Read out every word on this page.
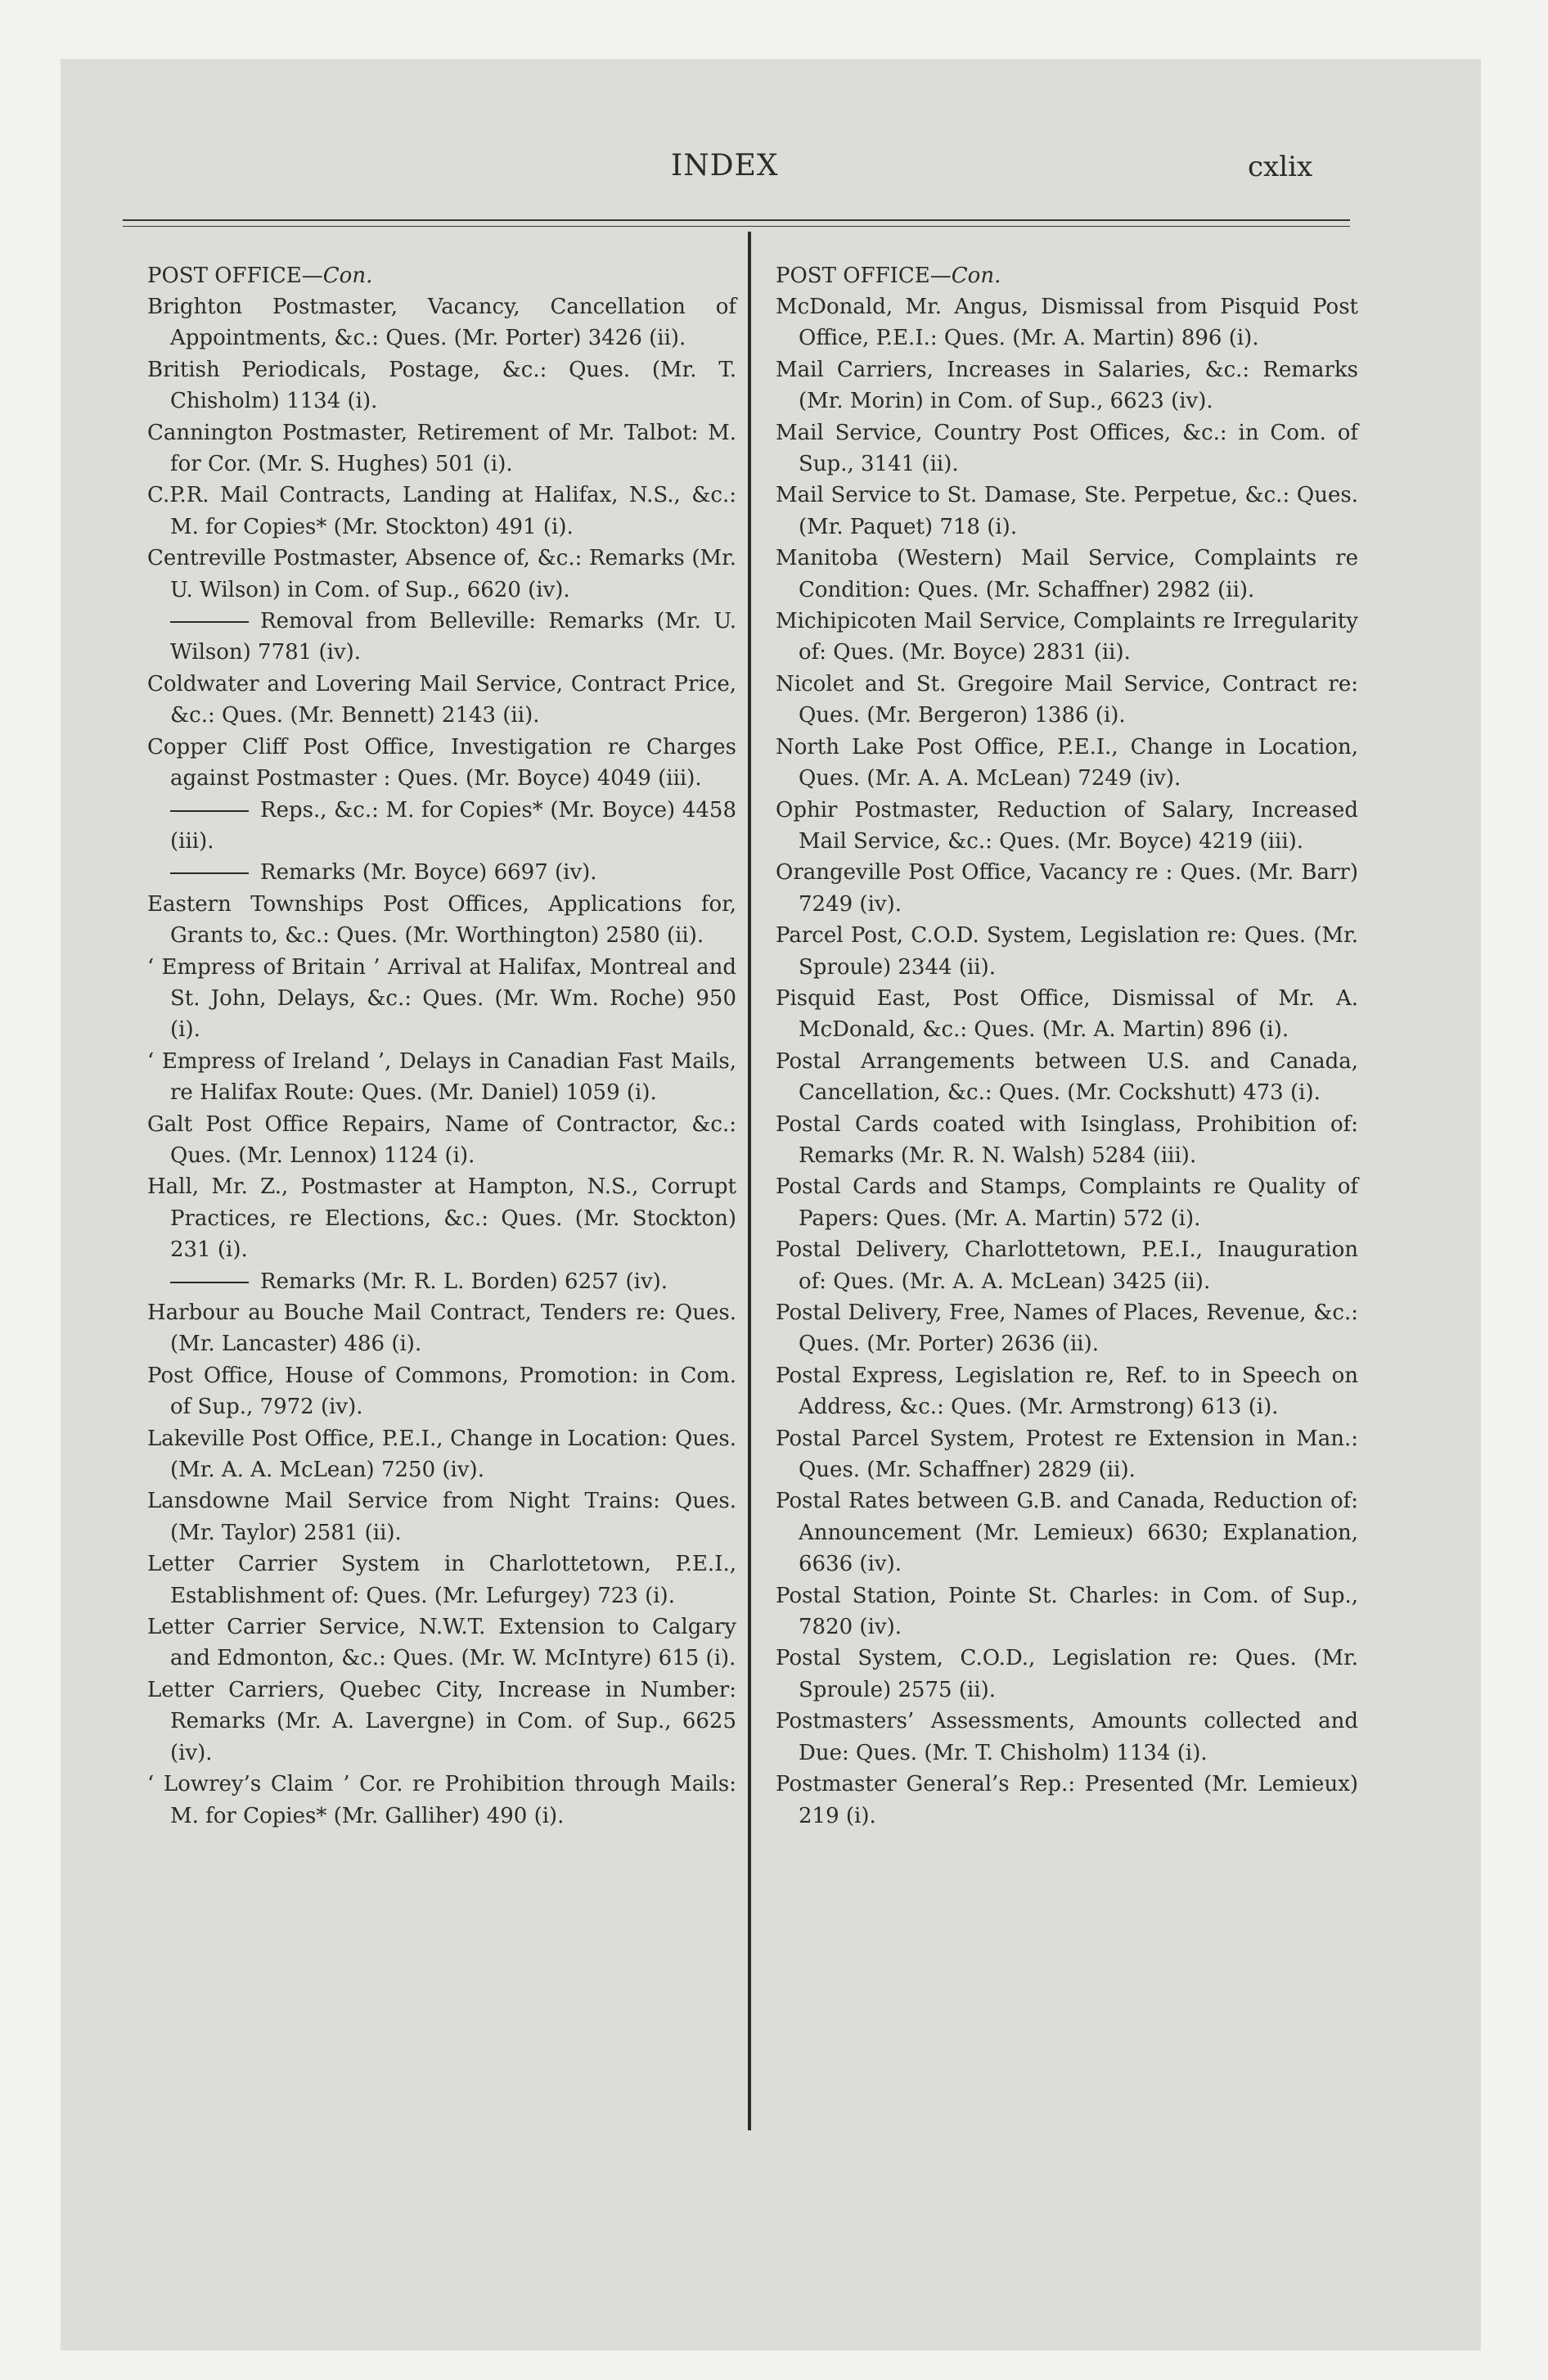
INDEX	cxlix
POST OFFICE—Con.
Brighton Postmaster, Vacancy, Cancellation of Appointments, &c.: Ques. (Mr. Porter) 3426 (ii).
British Periodicals, Postage, &c.: Ques. (Mr. T. Chisholm) 1134 (i).
Cannington Postmaster, Retirement of Mr. Talbot: M. for Cor. (Mr. S. Hughes) 501 (i).
C.P.R. Mail Contracts, Landing at Halifax, N.S., &c.: M. for Copies* (Mr. Stockton) 491 (i).
Centreville Postmaster, Absence of, &c.: Remarks (Mr. U. Wilson) in Com. of Sup., 6620 (iv).
Removal from Belleville: Remarks (Mr. U. Wilson) 7781 (iv).
Coldwater and Lovering Mail Service, Contract Price, &c.: Ques. (Mr. Bennett) 2143 (ii).
Copper Cliff Post Office, Investigation re Charges against Postmaster : Ques. (Mr. Boyce) 4049 (iii).
Reps., &c.: M. for Copies* (Mr. Boyce) 4458 (iii).
Remarks (Mr. Boyce) 6697 (iv).
Eastern Townships Post Offices, Applications for, Grants to, &c.: Ques. (Mr. Worthington) 2580 (ii).
‘ Empress of Britain ’ Arrival at Halifax, Montreal and St. John, Delays, &c.: Ques. (Mr. Wm. Roche) 950 (i).
‘ Empress of Ireland ’, Delays in Canadian Fast Mails, re Halifax Route: Ques. (Mr. Daniel) 1059 (i).
Galt Post Office Repairs, Name of Contractor, &c.: Ques. (Mr. Lennox) 1124 (i).
Hall, Mr. Z., Postmaster at Hampton, N.S., Corrupt Practices, re Elections, &c.: Ques. (Mr. Stockton) 231 (i).
Remarks (Mr. R. L. Borden) 6257 (iv).
Harbour au Bouche Mail Contract, Tenders re: Ques. (Mr. Lancaster) 486 (i).
Post Office, House of Commons, Promotion: in Com. of Sup., 7972 (iv).
Lakeville Post Office, P.E.I., Change in Location: Ques. (Mr. A. A. McLean) 7250 (iv).
Lansdowne Mail Service from Night Trains: Ques. (Mr. Taylor) 2581 (ii).
Letter Carrier System in Charlottetown, P.E.I., Establishment of: Ques. (Mr. Lefurgey) 723 (i).
Letter Carrier Service, N.W.T. Extension to Calgary and Edmonton, &c.: Ques. (Mr. W. McIntyre) 615 (i).
Letter Carriers, Quebec City, Increase in Number: Remarks (Mr. A. Lavergne) in Com. of Sup., 6625 (iv).
‘ Lowrey’s Claim ’ Cor. re Prohibition through Mails: M. for Copies* (Mr. Galliher) 490 (i).
POST OFFICE—Con.
McDonald, Mr. Angus, Dismissal from Pisquid Post Office, P.E.I.: Ques. (Mr. A. Martin) 896 (i).
Mail Carriers, Increases in Salaries, &c.: Remarks (Mr. Morin) in Com. of Sup., 6623 (iv).
Mail Service, Country Post Offices, &c.: in Com. of Sup., 3141 (ii).
Mail Service to St. Damase, Ste. Perpetue, &c.: Ques. (Mr. Paquet) 718 (i).
Manitoba (Western) Mail Service, Complaints re Condition: Ques. (Mr. Schaffner) 2982 (ii).
Michipicoten Mail Service, Complaints re Irregularity of: Ques. (Mr. Boyce) 2831 (ii).
Nicolet and St. Gregoire Mail Service, Contract re: Ques. (Mr. Bergeron) 1386 (i).
North Lake Post Office, P.E.I., Change in Location, Ques. (Mr. A. A. McLean) 7249 (iv).
Ophir Postmaster, Reduction of Salary, Increased Mail Service, &c.: Ques. (Mr. Boyce) 4219 (iii).
Orangeville Post Office, Vacancy re : Ques. (Mr. Barr) 7249 (iv).
Parcel Post, C.O.D. System, Legislation re: Ques. (Mr. Sproule) 2344 (ii).
Pisquid East, Post Office, Dismissal of Mr. A. McDonald, &c.: Ques. (Mr. A. Martin) 896 (i).
Postal Arrangements between U.S. and Canada, Cancellation, &c.: Ques. (Mr. Cockshutt) 473 (i).
Postal Cards coated with Isinglass, Prohibition of: Remarks (Mr. R. N. Walsh) 5284 (iii).
Postal Cards and Stamps, Complaints re Quality of Papers: Ques. (Mr. A. Martin) 572 (i).
Postal Delivery, Charlottetown, P.E.I., Inauguration of: Ques. (Mr. A. A. McLean) 3425 (ii).
Postal Delivery, Free, Names of Places, Revenue, &c.: Ques. (Mr. Porter) 2636 (ii).
Postal Express, Legislation re, Ref. to in Speech on Address, &c.: Ques. (Mr. Armstrong) 613 (i).
Postal Parcel System, Protest re Extension in Man.: Ques. (Mr. Schaffner) 2829 (ii).
Postal Rates between G.B. and Canada, Reduction of: Announcement (Mr. Lemieux) 6630; Explanation, 6636 (iv).
Postal Station, Pointe St. Charles: in Com. of Sup., 7820 (iv).
Postal System, C.O.D., Legislation re: Ques. (Mr. Sproule) 2575 (ii).
Postmasters’ Assessments, Amounts collected and Due: Ques. (Mr. T. Chisholm) 1134 (i).
Postmaster General’s Rep.: Presented (Mr. Lemieux) 219 (i).
